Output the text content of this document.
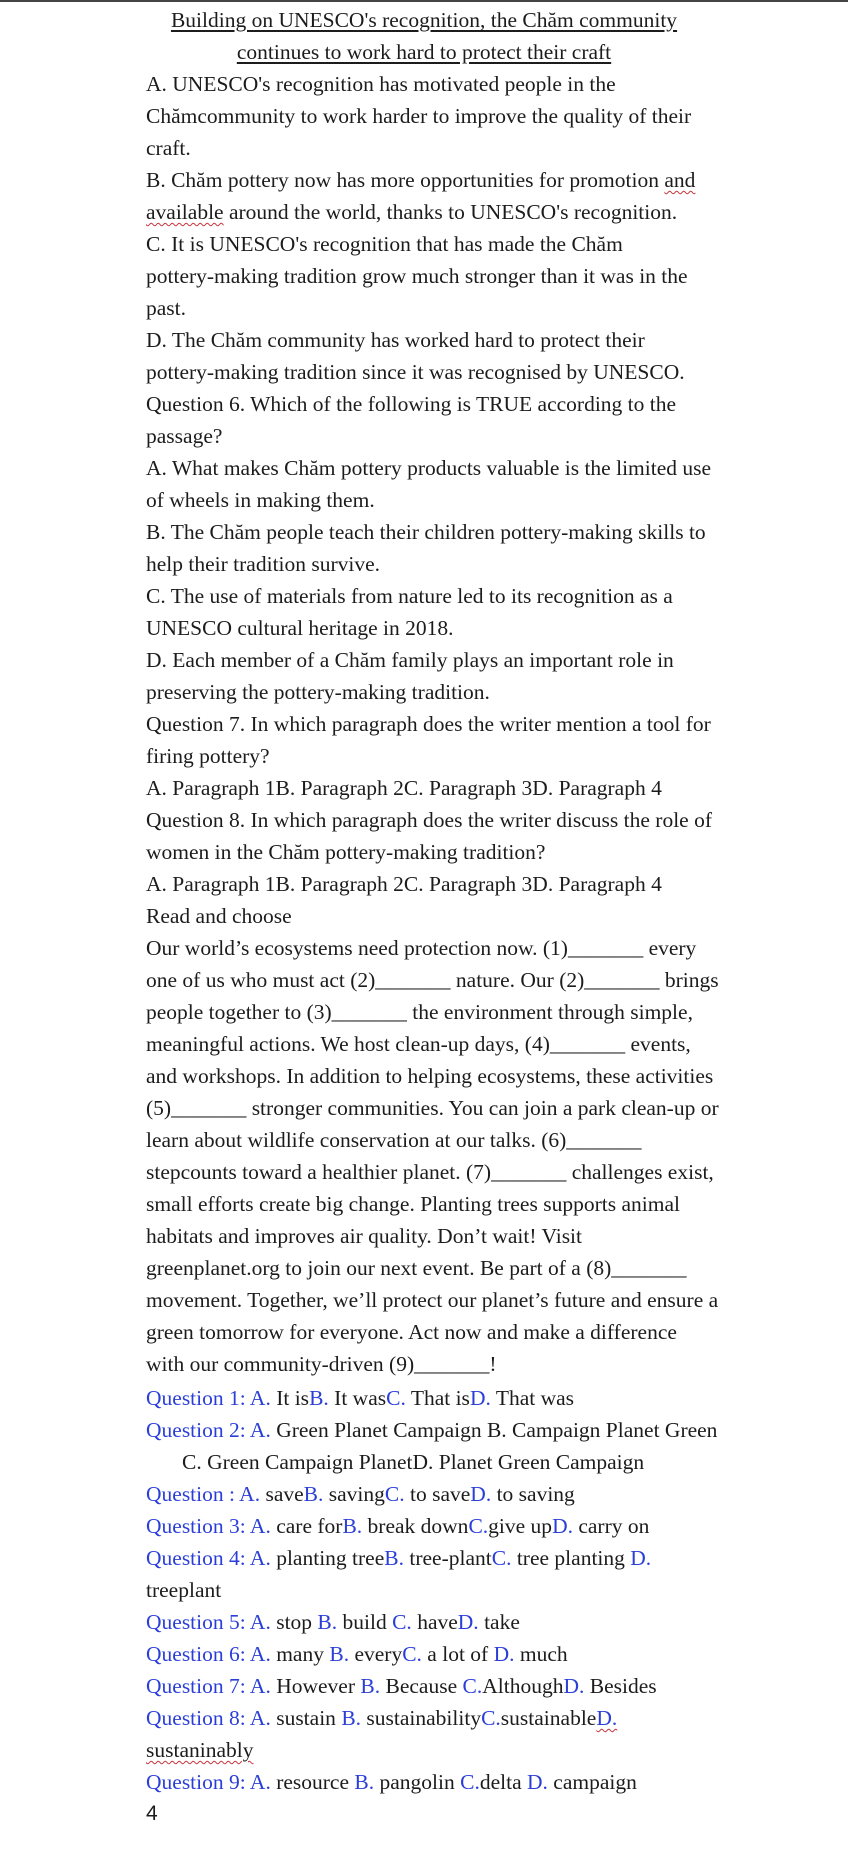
Building on UNESCO's recognition, the Chăm community
continues to work hard to protect their craft
A. UNESCO's recognition has motivated people in the
Chămcommunity to work harder to improve the quality of their
craft.
B. Chăm pottery now has more opportunities for promotion and
available around the world, thanks to UNESCO's recognition.
C. It is UNESCO's recognition that has made the Chăm
pottery-making tradition grow much stronger than it was in the
past.
D. The Chăm community has worked hard to protect their
pottery-making tradition since it was recognised by UNESCO.
Question 6. Which of the following is TRUE according to the
passage?
A. What makes Chăm pottery products valuable is the limited use
of wheels in making them.
B. The Chăm people teach their children pottery-making skills to
help their tradition survive.
C. The use of materials from nature led to its recognition as a
UNESCO cultural heritage in 2018.
D. Each member of a Chăm family plays an important role in
preserving the pottery-making tradition.
Question 7. In which paragraph does the writer mention a tool for
firing pottery?
A. Paragraph 1B. Paragraph 2C. Paragraph 3D. Paragraph 4
Question 8. In which paragraph does the writer discuss the role of
women in the Chăm pottery-making tradition?
A. Paragraph 1B. Paragraph 2C. Paragraph 3D. Paragraph 4
Read and choose
Our world’s ecosystems need protection now. (1)_______ every
one of us who must act (2)_______ nature. Our (2)_______ brings
people together to (3)_______ the environment through simple,
meaningful actions. We host clean-up days, (4)_______ events,
and workshops. In addition to helping ecosystems, these activities
(5)_______ stronger communities. You can join a park clean-up or
learn about wildlife conservation at our talks. (6)_______
stepcounts toward a healthier planet. (7)_______ challenges exist,
small efforts create big change. Planting trees supports animal
habitats and improves air quality. Don’t wait! Visit
greenplanet.org to join our next event. Be part of a (8)_______
movement. Together, we’ll protect our planet’s future and ensure a
green tomorrow for everyone. Act now and make a difference
with our community-driven (9)_______!
Question 1: A. It isB. It wasC. That isD. That was
Question 2: A. Green Planet Campaign B. Campaign Planet Green
C. Green Campaign PlanetD. Planet Green Campaign
Question : A. saveB. savingC. to saveD. to saving
Question 3: A. care forB. break downC.give upD. carry on
Question 4: A. planting treeB. tree-plantC. tree planting D.
treeplant
Question 5: A. stop B. build C. haveD. take
Question 6: A. many B. everyC. a lot of D. much
Question 7: A. However B. Because C.AlthoughD. Besides
Question 8: A. sustain B. sustainabilityC.sustainableD.
sustaninably
Question 9: A. resource B. pangolin C.delta D. campaign
4
